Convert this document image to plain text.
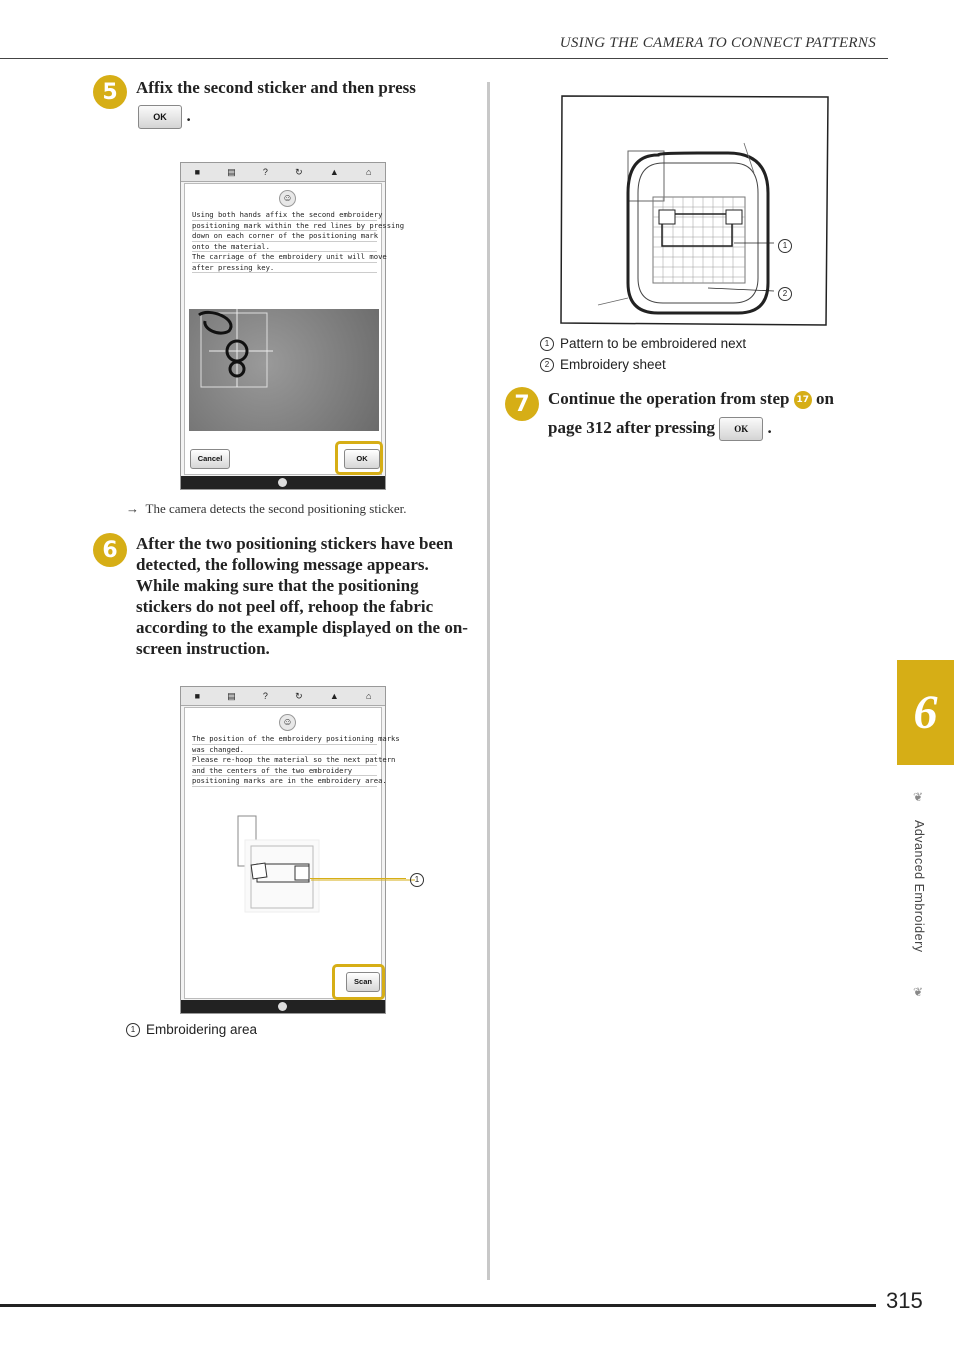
USING THE CAMERA TO CONNECT PATTERNS
5	Affix the second sticker and then press
OK .
■	▤	?	↻	▲	⌂
☺
Using both hands affix the second embroidery
positioning mark within the red lines by pressing
down on each corner of the positioning mark
onto the material.
The carriage of the embroidery unit will move
after pressing key.
Cancel	OK
→ The camera detects the second positioning sticker.
6	After the two positioning stickers have been detected, the following message appears. While making sure that the positioning stickers do not peel off, rehoop the fabric according to the example displayed on the on-screen instruction.
■	▤	?	↻	▲	⌂
☺
The position of the embroidery positioning marks
was changed.
Please re-hoop the material so the next pattern
and the centers of the two embroidery
positioning marks are in the embroidery area.
Scan
1
1 Embroidering area
1
2
1 Pattern to be embroidered next
2 Embroidery sheet
7	Continue the operation from step 17 on
page 312 after pressing OK .
6
❦
Advanced Embroidery
❦
315
